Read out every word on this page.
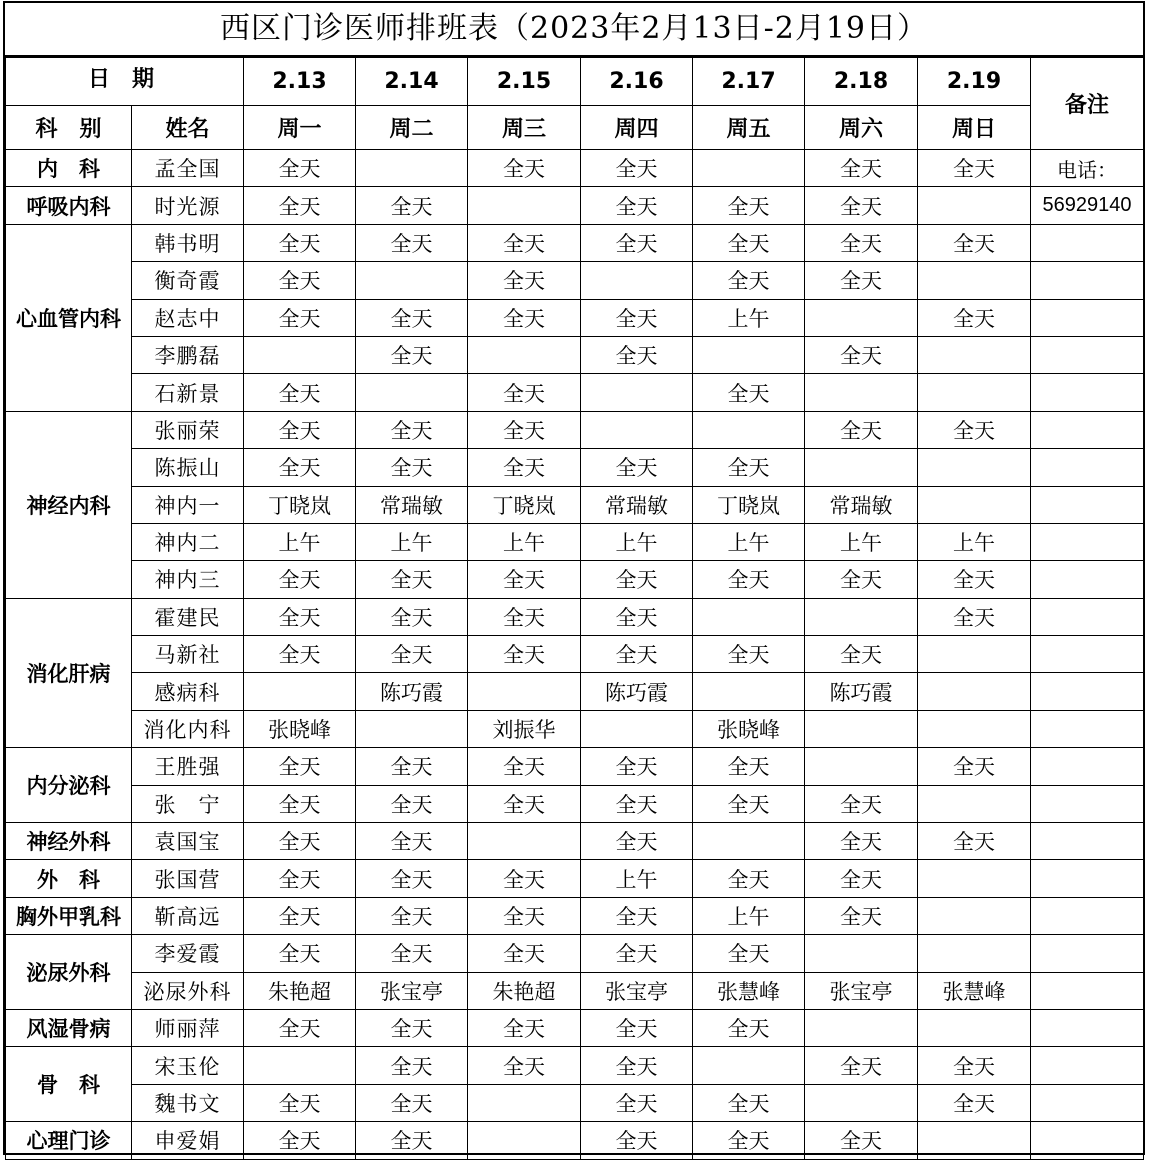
西区门诊医师排班表（2023年2月13日-2月19日）
日　期		2.13	2.14	2.15	2.16	2.17	2.18	2.19	备注
科　别	姓名	周一	周二	周三	周四	周五	周六	周日	
内　科	孟全国	全天		全天	全天		全天	全天	电话：
呼吸内科	时光源	全天	全天		全天	全天	全天		56929140
心血管内科	韩书明	全天	全天	全天	全天	全天	全天	全天	
	衡奇霞	全天		全天		全天	全天		
	赵志中	全天	全天	全天	全天	上午		全天	
	李鹏磊		全天		全天		全天		
	石新景	全天		全天		全天			
神经内科	张丽荣	全天	全天	全天			全天	全天	
	陈振山	全天	全天	全天	全天	全天			
	神内一	丁晓岚	常瑞敏	丁晓岚	常瑞敏	丁晓岚	常瑞敏		
	神内二	上午	上午	上午	上午	上午	上午	上午	
	神内三	全天	全天	全天	全天	全天	全天	全天	
消化肝病	霍建民	全天	全天	全天	全天			全天	
	马新社	全天	全天	全天	全天	全天	全天		
	感病科		陈巧霞		陈巧霞		陈巧霞		
	消化内科	张晓峰		刘振华		张晓峰			
内分泌科	王胜强	全天	全天	全天	全天	全天		全天	
	张　宁	全天	全天	全天	全天	全天	全天		
神经外科	袁国宝	全天	全天		全天		全天	全天	
外　科	张国营	全天	全天	全天	上午	全天	全天		
胸外甲乳科	靳高远	全天	全天	全天	全天	上午	全天		
泌尿外科	李爱霞	全天	全天	全天	全天	全天			
	泌尿外科	朱艳超	张宝亭	朱艳超	张宝亭	张慧峰	张宝亭	张慧峰	
风湿骨病	师丽萍	全天	全天	全天	全天	全天			
骨　科	宋玉伦		全天	全天	全天		全天	全天	
	魏书文	全天	全天		全天	全天		全天	
心理门诊	申爱娟	全天	全天		全天	全天	全天		
